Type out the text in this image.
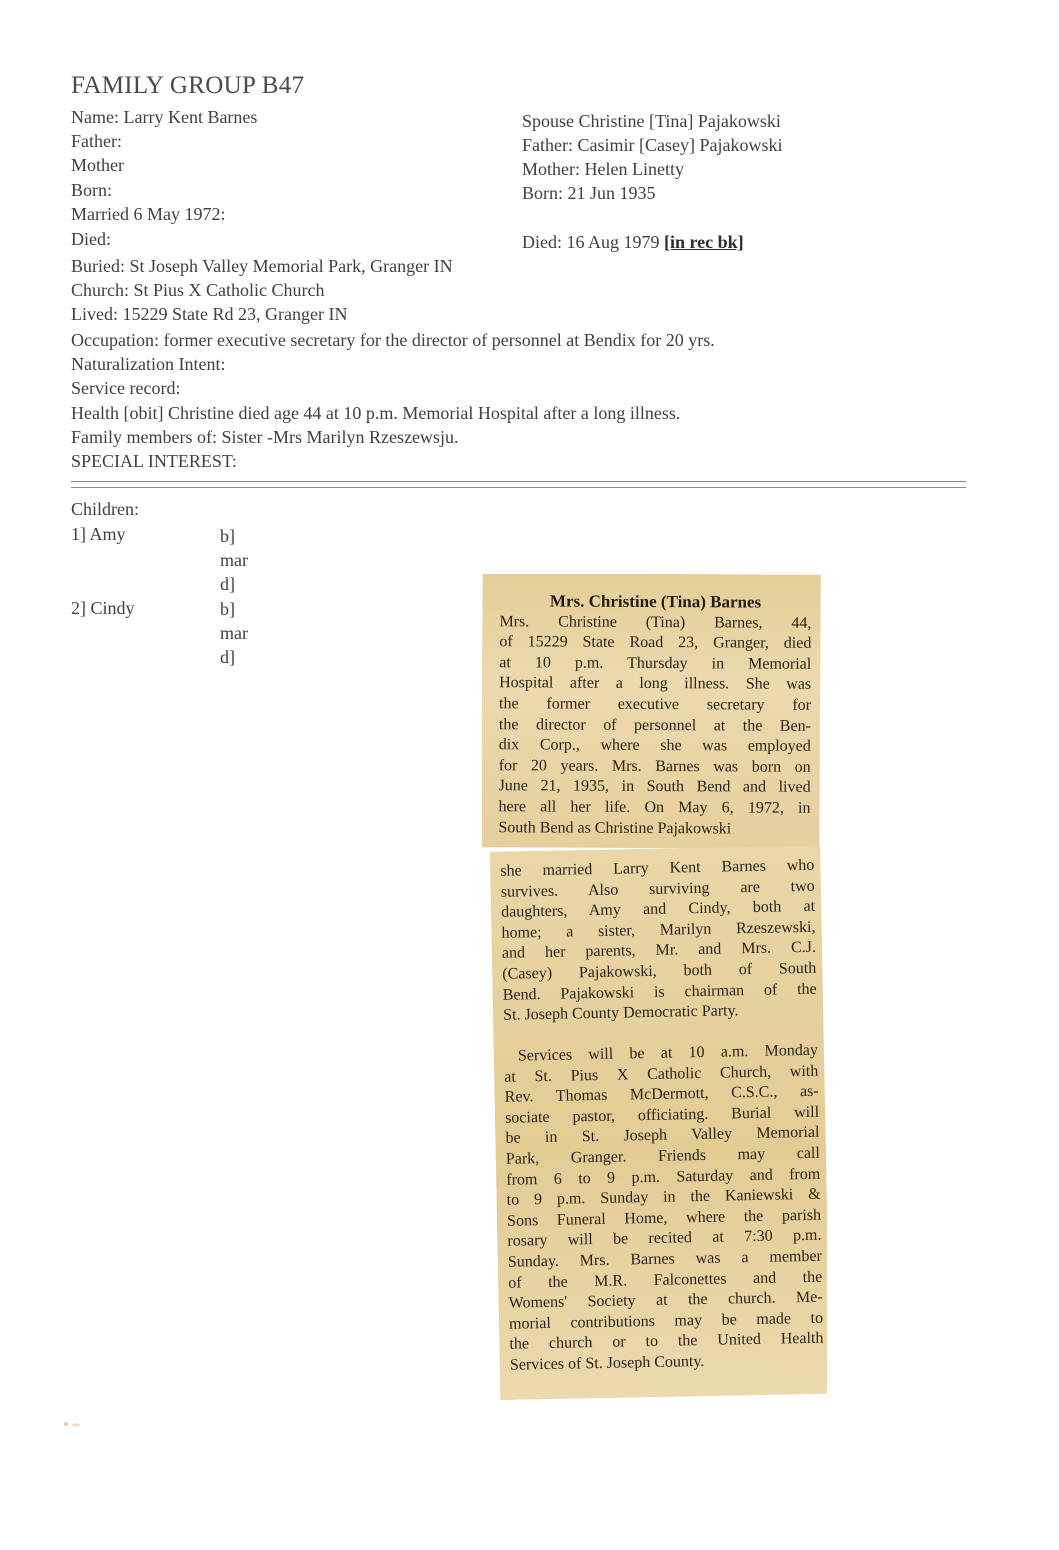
FAMILY GROUP B47
Name: Larry Kent Barnes
Father:
Mother
Born:
Married 6 May 1972:
Died:
Spouse Christine [Tina] Pajakowski
Father: Casimir [Casey] Pajakowski
Mother: Helen Linetty
Born: 21 Jun 1935
Died: 16 Aug 1979 [in rec bk]
Buried: St Joseph Valley Memorial Park, Granger IN
Church: St Pius X Catholic Church
Lived: 15229 State Rd 23, Granger IN
Occupation: former executive secretary for the director of personnel at Bendix for 20 yrs.
Naturalization Intent:
Service record:
Health [obit] Christine died age 44 at 10 p.m. Memorial Hospital after a long illness.
Family members of: Sister -Mrs Marilyn Rzeszewsju.
SPECIAL INTEREST:
Children:
1] Amy	b]
mar
d]
2] Cindy	b]
mar
d]
Mrs. Christine (Tina) Barnes
Mrs. Christine (Tina) Barnes, 44,
of 15229 State Road 23, Granger, died
at 10 p.m. Thursday in Memorial
Hospital after a long illness. She was
the former executive secretary for
the director of personnel at the Ben-
dix Corp., where she was employed
for 20 years. Mrs. Barnes was born on
June 21, 1935, in South Bend and lived
here all her life. On May 6, 1972, in
South Bend as Christine Pajakowski
she married Larry Kent Barnes who
survives. Also surviving are two
daughters, Amy and Cindy, both at
home; a sister, Marilyn Rzeszewski,
and her parents, Mr. and Mrs. C.J.
(Casey) Pajakowski, both of South
Bend. Pajakowski is chairman of the
St. Joseph County Democratic Party.
Services will be at 10 a.m. Monday
at St. Pius X Catholic Church, with
Rev. Thomas McDermott, C.S.C., as-
sociate pastor, officiating. Burial will
be in St. Joseph Valley Memorial
Park, Granger. Friends may call
from 6 to 9 p.m. Saturday and from
to 9 p.m. Sunday in the Kaniewski &
Sons Funeral Home, where the parish
rosary will be recited at 7:30 p.m.
Sunday. Mrs. Barnes was a member
of the M.R. Falconettes and the
Womens' Society at the church. Me-
morial contributions may be made to
the church or to the United Health
Services of St. Joseph County.
